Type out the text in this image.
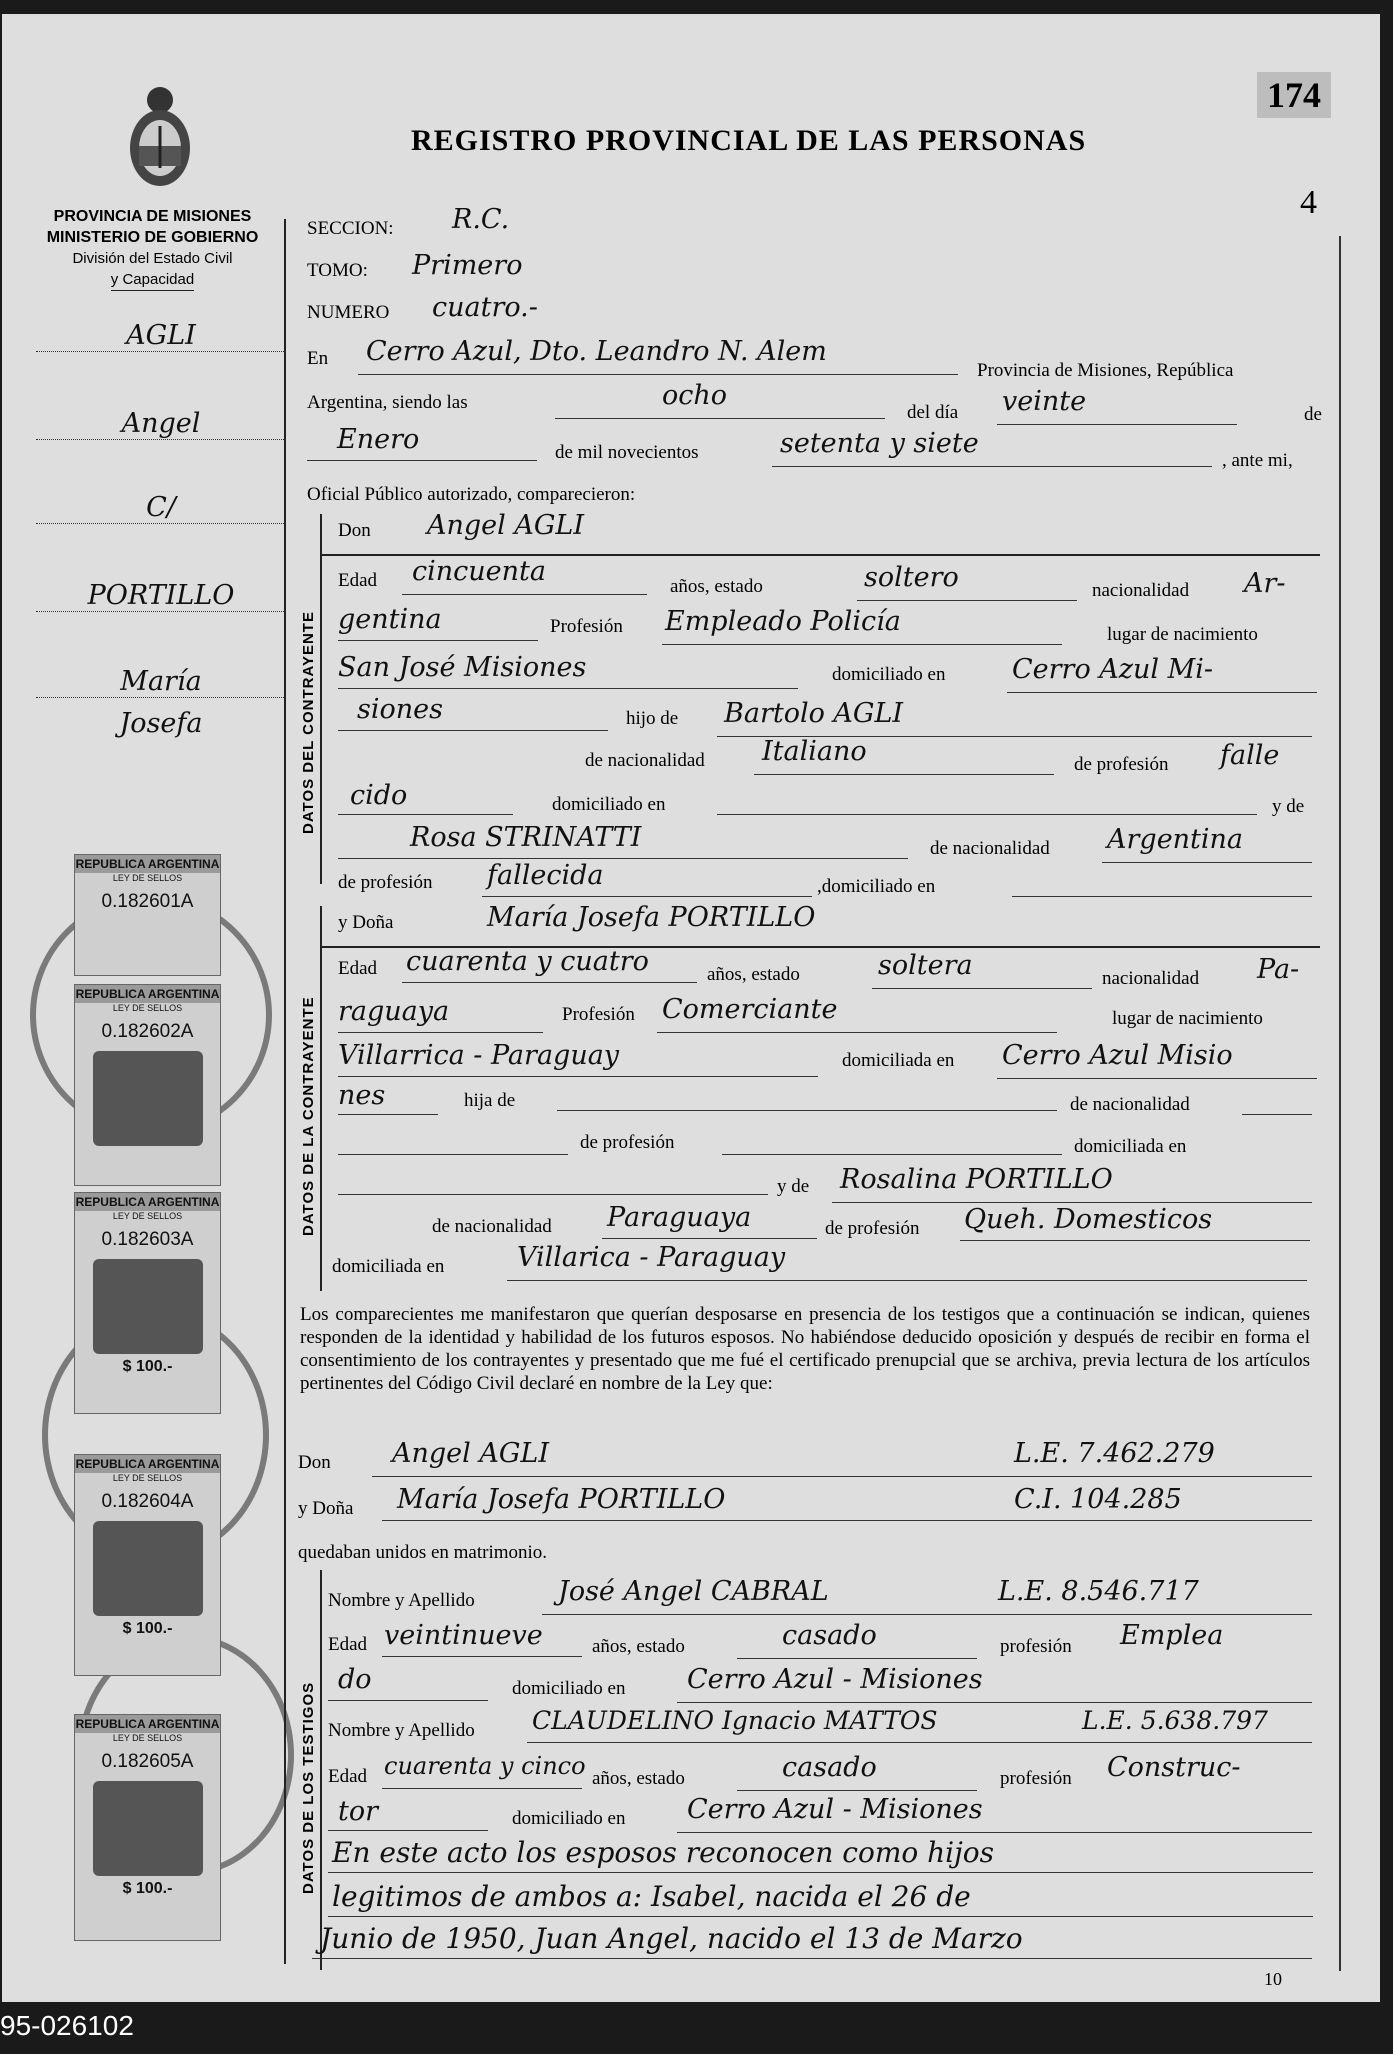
REGISTRO PROVINCIAL DE LAS PERSONAS
174
4
PROVINCIA DE MISIONES
MINISTERIO DE GOBIERNO
División del Estado Civil
y Capacidad
AGLI
Angel
C/
PORTILLO
María
Josefa
REPUBLICA ARGENTINA
LEY DE SELLOS
0.182601A
REPUBLICA ARGENTINA
LEY DE SELLOS
0.182602A
REPUBLICA ARGENTINA
LEY DE SELLOS
0.182603A
$ 100.-
REPUBLICA ARGENTINA
LEY DE SELLOS
0.182604A
$ 100.-
REPUBLICA ARGENTINA
LEY DE SELLOS
0.182605A
$ 100.-
SECCION: R.C.
TOMO: Primero
NUMERO cuatro.-
En Cerro Azul, Dto. Leandro N. Alem
Provincia de Misiones, República
Argentina, siendo las	ocho
del día veinte	de
Enero	de mil novecientos	setenta y siete
, ante mi,
Oficial Público autorizado, comparecieron:
DATOS DEL CONTRAYENTE
Don Angel AGLI
Edad cincuenta	años, estado	soltero	nacionalidad Ar-
gentina	Profesión Empleado Policía	lugar de nacimiento
San José Misiones	domiciliado en Cerro Azul Mi-
siones	hijo de Bartolo AGLI
de nacionalidad Italiano	de profesión falle
cido	domiciliado en	y de
Rosa STRINATTI	de nacionalidad Argentina
de profesión fallecida	,domiciliado en
DATOS DE LA CONTRAYENTE
y Doña	María Josefa PORTILLO
Edad cuarenta y cuatro	años, estado	soltera	nacionalidad Pa-
raguaya	Profesión Comerciante	lugar de nacimiento
Villarrica - Paraguay	domiciliada en Cerro Azul Misio
nes	hija de	de nacionalidad
de profesión	domiciliada en
y de Rosalina PORTILLO
de nacionalidad Paraguaya	de profesión Queh. Domesticos
domiciliada en	Villarica - Paraguay
Los comparecientes me manifestaron que querían desposarse en presencia de los testigos que a continuación se indican, quienes responden de la identidad y habilidad de los futuros esposos. No habiéndose deducido oposición y después de recibir en forma el consentimiento de los contrayentes y presentado que me fué el certificado prenupcial que se archiva, previa lectura de los artículos pertinentes del Código Civil declaré en nombre de la Ley que:
Don Angel AGLI	L.E. 7.462.279
y Doña María Josefa PORTILLO	C.I. 104.285
quedaban unidos en matrimonio.
DATOS DE LOS TESTIGOS
Nombre y Apellido	José Angel CABRAL	L.E. 8.546.717
Edad veintinueve	años, estado	casado	profesión Emplea
do	domiciliado en Cerro Azul - Misiones
Nombre y Apellido CLAUDELINO Ignacio MATTOS	L.E. 5.638.797
Edad cuarenta y cinco años, estado	casado	profesión Construc-
tor	domiciliado en Cerro Azul - Misiones
En este acto los esposos reconocen como hijos
legitimos de ambos a: Isabel, nacida el 26 de
Junio de 1950, Juan Angel, nacido el 13 de Marzo
10
95-026102
